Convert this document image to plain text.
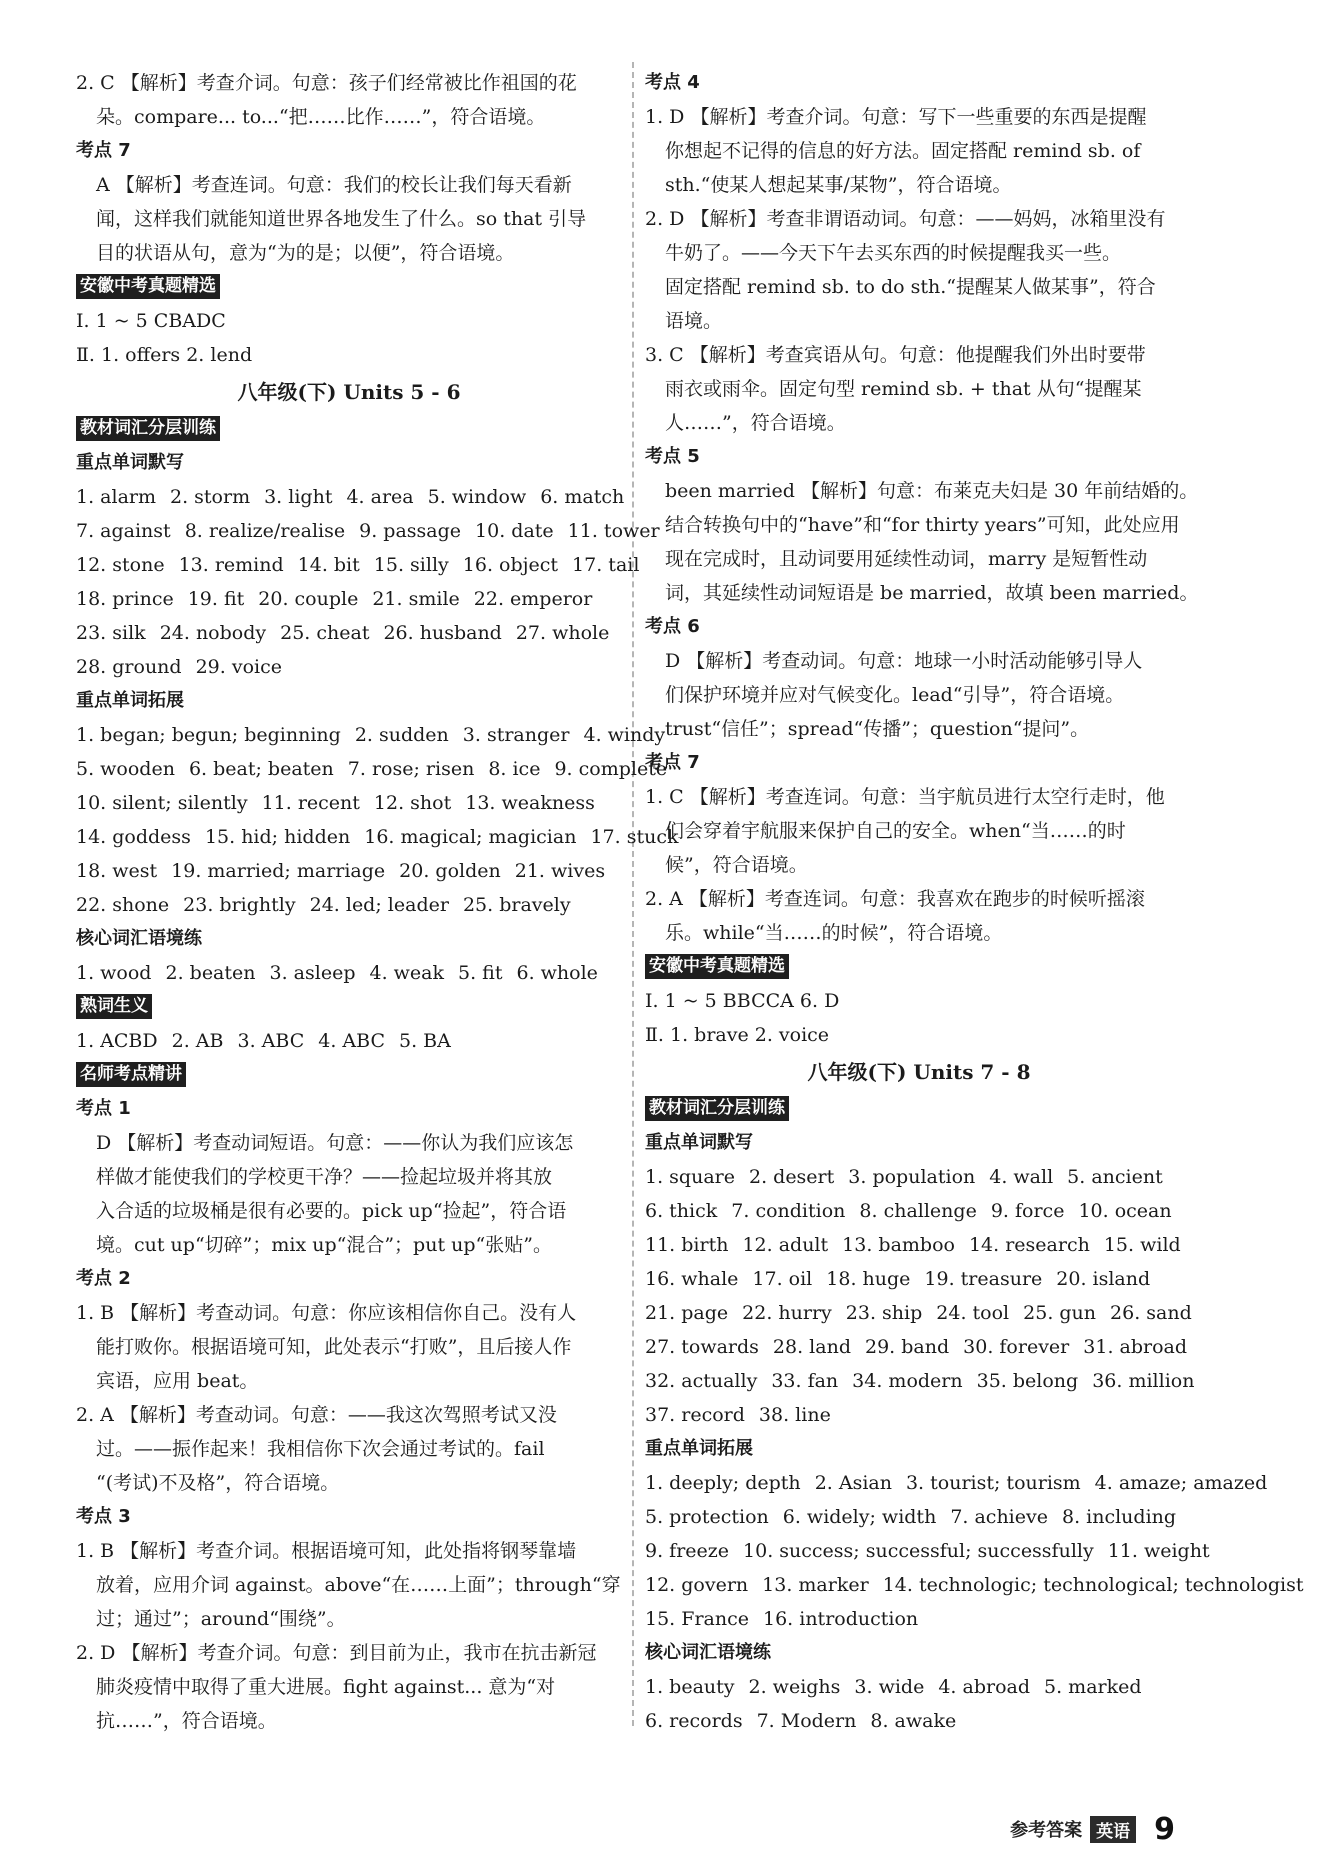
2. C 【解析】考查介词。句意：孩子们经常被比作祖国的花
朵。compare... to...“把……比作……”，符合语境。
考点 7
A 【解析】考查连词。句意：我们的校长让我们每天看新
闻，这样我们就能知道世界各地发生了什么。so that 引导
目的状语从句，意为“为的是；以便”，符合语境。
安徽中考真题精选
Ⅰ. 1 ~ 5 CBADC
Ⅱ. 1. offers 2. lend
八年级(下) Units 5 - 6
教材词汇分层训练
重点单词默写
1. alarm 2. storm 3. light 4. area 5. window 6. match
7. against 8. realize/realise 9. passage 10. date 11. tower
12. stone 13. remind 14. bit 15. silly 16. object 17. tail
18. prince 19. fit 20. couple 21. smile 22. emperor
23. silk 24. nobody 25. cheat 26. husband 27. whole
28. ground 29. voice
重点单词拓展
1. began; begun; beginning 2. sudden 3. stranger 4. windy
5. wooden 6. beat; beaten 7. rose; risen 8. ice 9. complete
10. silent; silently 11. recent 12. shot 13. weakness
14. goddess 15. hid; hidden 16. magical; magician 17. stuck
18. west 19. married; marriage 20. golden 21. wives
22. shone 23. brightly 24. led; leader 25. bravely
核心词汇语境练
1. wood 2. beaten 3. asleep 4. weak 5. fit 6. whole
熟词生义
1. ACBD 2. AB 3. ABC 4. ABC 5. BA
名师考点精讲
考点 1
D 【解析】考查动词短语。句意：——你认为我们应该怎
样做才能使我们的学校更干净？——捡起垃圾并将其放
入合适的垃圾桶是很有必要的。pick up“捡起”，符合语
境。cut up“切碎”；mix up“混合”；put up“张贴”。
考点 2
1. B 【解析】考查动词。句意：你应该相信你自己。没有人
能打败你。根据语境可知，此处表示“打败”，且后接人作
宾语，应用 beat。
2. A 【解析】考查动词。句意：——我这次驾照考试又没
过。——振作起来！我相信你下次会通过考试的。fail
“(考试)不及格”，符合语境。
考点 3
1. B 【解析】考查介词。根据语境可知，此处指将钢琴靠墙
放着，应用介词 against。above“在……上面”；through“穿
过；通过”；around“围绕”。
2. D 【解析】考查介词。句意：到目前为止，我市在抗击新冠
肺炎疫情中取得了重大进展。fight against... 意为“对
抗……”，符合语境。
考点 4
1. D 【解析】考查介词。句意：写下一些重要的东西是提醒
你想起不记得的信息的好方法。固定搭配 remind sb. of
sth.“使某人想起某事/某物”，符合语境。
2. D 【解析】考查非谓语动词。句意：——妈妈，冰箱里没有
牛奶了。——今天下午去买东西的时候提醒我买一些。
固定搭配 remind sb. to do sth.“提醒某人做某事”，符合
语境。
3. C 【解析】考查宾语从句。句意：他提醒我们外出时要带
雨衣或雨伞。固定句型 remind sb. + that 从句“提醒某
人……”，符合语境。
考点 5
been married 【解析】句意：布莱克夫妇是 30 年前结婚的。
结合转换句中的“have”和“for thirty years”可知，此处应用
现在完成时，且动词要用延续性动词，marry 是短暂性动
词，其延续性动词短语是 be married，故填 been married。
考点 6
D 【解析】考查动词。句意：地球一小时活动能够引导人
们保护环境并应对气候变化。lead“引导”，符合语境。
trust“信任”；spread“传播”；question“提问”。
考点 7
1. C 【解析】考查连词。句意：当宇航员进行太空行走时，他
们会穿着宇航服来保护自己的安全。when“当……的时
候”，符合语境。
2. A 【解析】考查连词。句意：我喜欢在跑步的时候听摇滚
乐。while“当……的时候”，符合语境。
安徽中考真题精选
Ⅰ. 1 ~ 5 BBCCA 6. D
Ⅱ. 1. brave 2. voice
八年级(下) Units 7 - 8
教材词汇分层训练
重点单词默写
1. square 2. desert 3. population 4. wall 5. ancient
6. thick 7. condition 8. challenge 9. force 10. ocean
11. birth 12. adult 13. bamboo 14. research 15. wild
16. whale 17. oil 18. huge 19. treasure 20. island
21. page 22. hurry 23. ship 24. tool 25. gun 26. sand
27. towards 28. land 29. band 30. forever 31. abroad
32. actually 33. fan 34. modern 35. belong 36. million
37. record 38. line
重点单词拓展
1. deeply; depth 2. Asian 3. tourist; tourism 4. amaze; amazed
5. protection 6. widely; width 7. achieve 8. including
9. freeze 10. success; successful; successfully 11. weight
12. govern 13. marker 14. technologic; technological; technologist
15. France 16. introduction
核心词汇语境练
1. beauty 2. weighs 3. wide 4. abroad 5. marked
6. records 7. Modern 8. awake
参考答案 英语 9
